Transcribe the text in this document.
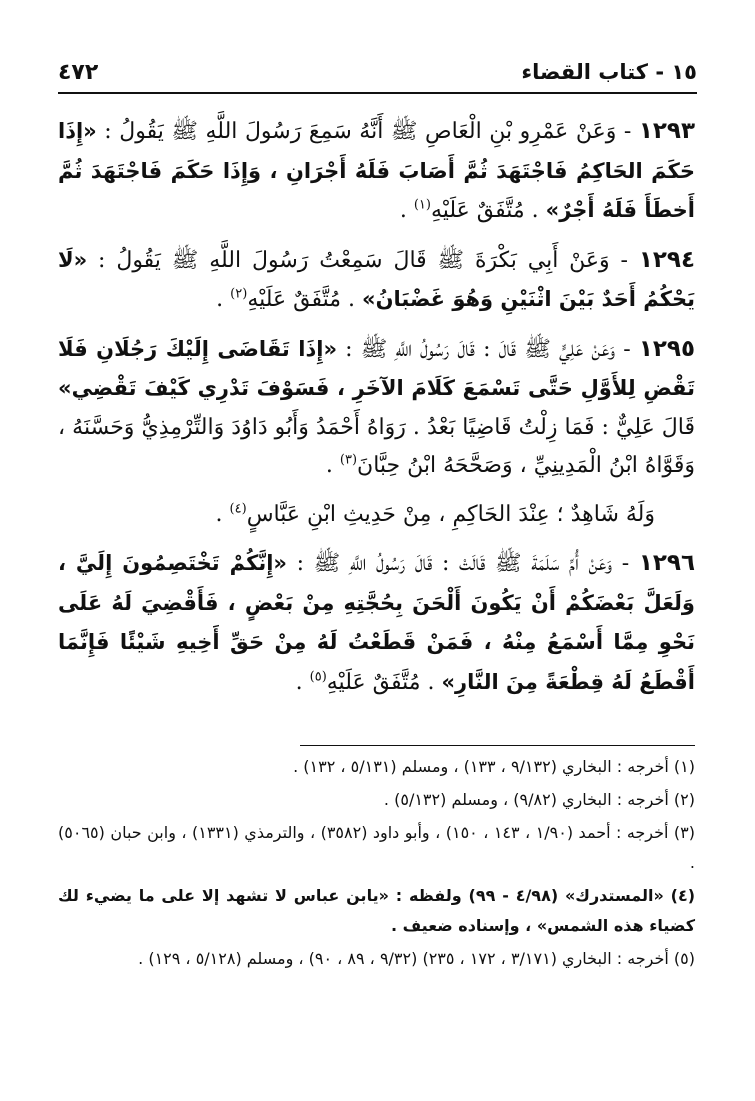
١٥ - كتاب القضاء
٤٧٢

١٢٩٣ - وَعَنْ عَمْرِو بْنِ الْعَاصِ ﷺ أَنَّهُ سَمِعَ رَسُولَ اللَّهِ ﷺ يَقُولُ : «إِذَا حَكَمَ الحَاكِمُ فَاجْتَهَدَ ثُمَّ أَصَابَ فَلَهُ أَجْرَانِ ، وَإِذَا حَكَمَ فَاجْتَهَدَ ثُمَّ أَخطَأَ فَلَهُ أَجْرٌ» . مُتَّفَقٌ عَلَيْهِ$^{(١)}$ .

١٢٩٤ - وَعَنْ أَبِي بَكْرَةَ ﷺ قَالَ سَمِعْتُ رَسُولَ اللَّهِ ﷺ يَقُولُ : «لَا يَحْكُمُ أَحَدٌ بَيْنَ اثْنَيْنِ وَهُوَ غَضْبَانُ» . مُتَّفَقٌ عَلَيْهِ$^{(٢)}$ .

١٢٩٥ - وَعَنْ عَلِيٍّ ﷺ قَالَ : قَالَ رَسُولُ اللَّهِ ﷺ : «إِذَا تَقَاضَى إِلَيْكَ رَجُلَانِ فَلَا تَقْضِ لِلأَوَّلِ حَتَّى تَسْمَعَ كَلَامَ الآخَرِ ، فَسَوْفَ تَدْرِي كَيْفَ تَقْضِي» قَالَ عَلِيٌّ : فَمَا زِلْتُ قَاضِيًا بَعْدُ . رَوَاهُ أَحْمَدُ وَأَبُو دَاوُدَ وَالتِّرْمِذِيُّ وَحَسَّنَهُ ، وَقَوَّاهُ ابْنُ الْمَدِينِيِّ ، وَصَحَّحَهُ ابْنُ حِبَّانَ$^{(٣)}$ .

وَلَهُ شَاهِدٌ ؛ عِنْدَ الحَاكِمِ ، مِنْ حَدِيثِ ابْنِ عَبَّاسٍ$^{(٤)}$ .

١٢٩٦ - وَعَنْ أُمِّ سَلَمَةَ ﷺ قَالَتْ : قَالَ رَسُولُ اللَّهِ ﷺ : «إِنَّكُمْ تَخْتَصِمُونَ إِلَيَّ ، وَلَعَلَّ بَعْضَكُمْ أَنْ يَكُونَ أَلْحَنَ بِحُجَّتِهِ مِنْ بَعْضٍ ، فَأَقْضِيَ لَهُ عَلَى نَحْوِ مِمَّا أَسْمَعُ مِنْهُ ، فَمَنْ قَطَعْتُ لَهُ مِنْ حَقِّ أَخِيهِ شَيْئًا فَإِنَّمَا أَقْطَعُ لَهُ قِطْعَةً مِنَ النَّارِ» . مُتَّفَقٌ عَلَيْهِ$^{(٥)}$ .

(١) أخرجه : البخاري (٩/١٣٢ ، ١٣٣) ، ومسلم (٥/١٣١ ، ١٣٢) .

(٢) أخرجه : البخاري (٩/٨٢) ، ومسلم (٥/١٣٢) .

(٣) أخرجه : أحمد (١/٩٠ ، ١٤٣ ، ١٥٠) ، وأبو داود (٣٥٨٢) ، والترمذي (١٣٣١) ، وابن حبان (٥٠٦٥) .

(٤) «المستدرك» (٤/٩٨ - ٩٩) ولفظه : «يابن عباس لا تشهد إلا على ما يضيء لك كضياء هذه الشمس» ، وإسناده ضعيف .

(٥) أخرجه : البخاري (٣/١٧١ ، ١٧٢ ، ٢٣٥) (٩/٣٢ ، ٨٩ ، ٩٠) ، ومسلم (٥/١٢٨ ، ١٢٩) .
